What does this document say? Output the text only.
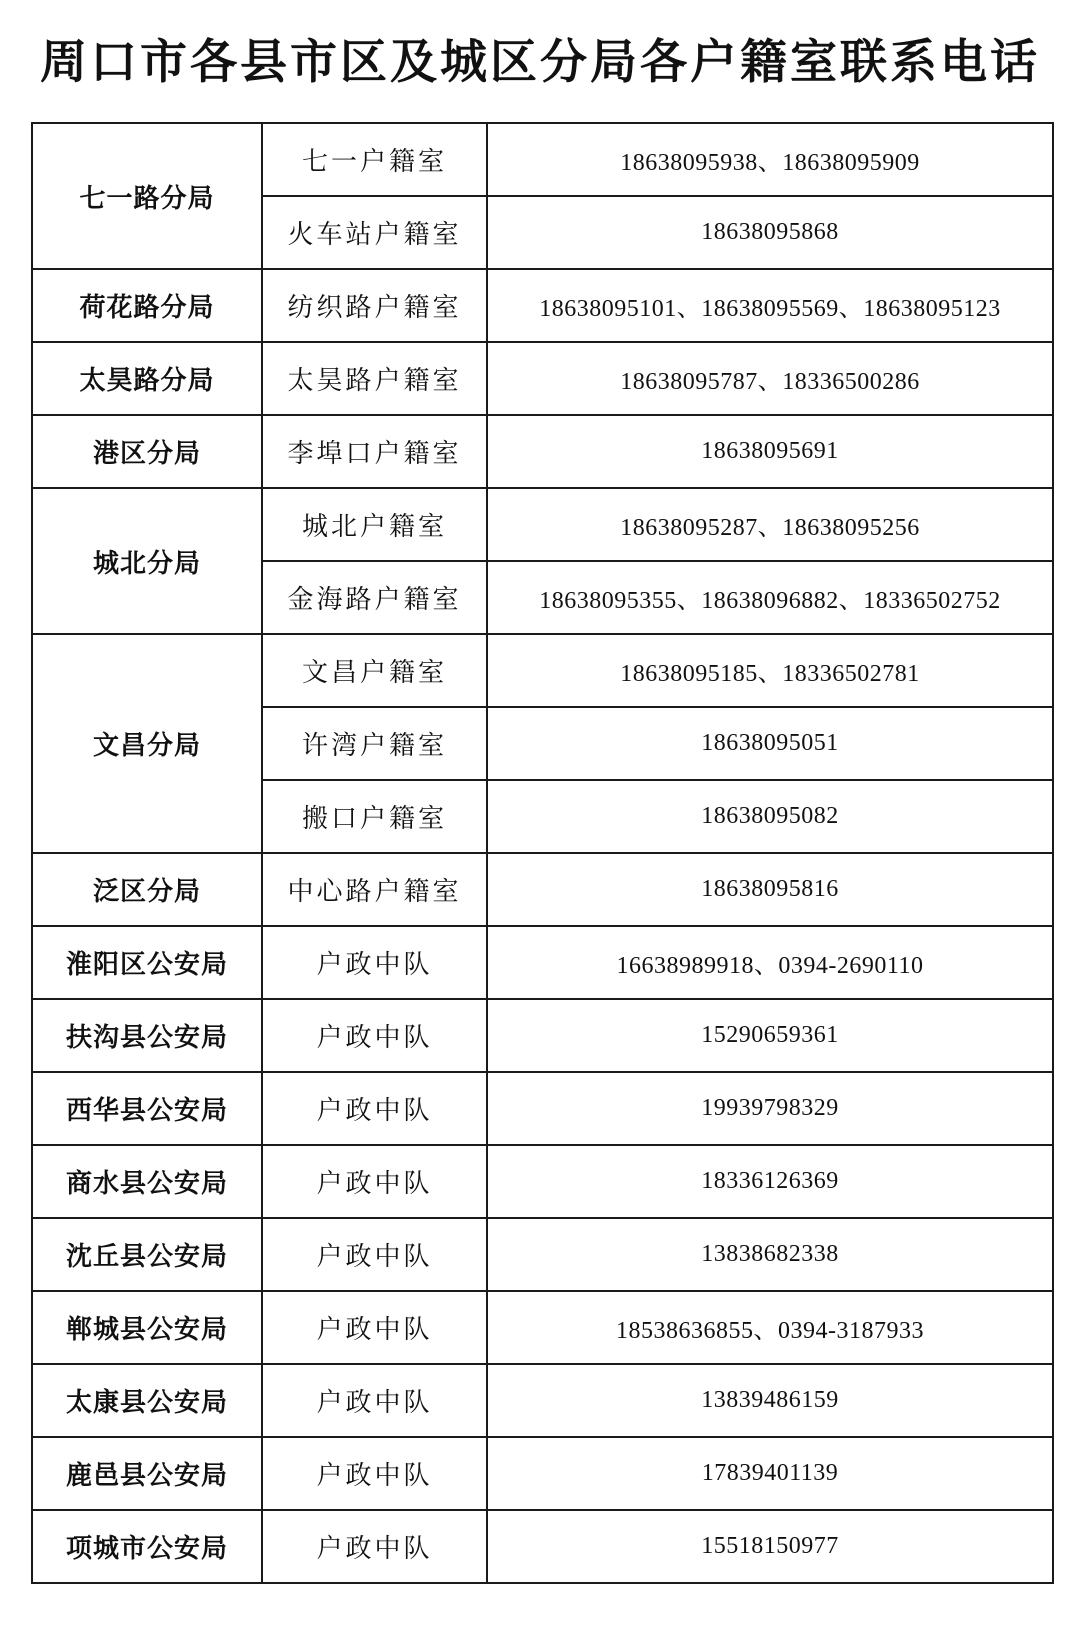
周口市各县市区及城区分局各户籍室联系电话
七一路分局	七一户籍室	18638095938、18638095909
	火车站户籍室	18638095868
荷花路分局	纺织路户籍室	18638095101、18638095569、18638095123
太昊路分局	太昊路户籍室	18638095787、18336500286
港区分局	李埠口户籍室	18638095691
城北分局	城北户籍室	18638095287、18638095256
	金海路户籍室	18638095355、18638096882、18336502752
文昌分局	文昌户籍室	18638095185、18336502781
	许湾户籍室	18638095051
	搬口户籍室	18638095082
泛区分局	中心路户籍室	18638095816
淮阳区公安局	户政中队	16638989918、0394-2690110
扶沟县公安局	户政中队	15290659361
西华县公安局	户政中队	19939798329
商水县公安局	户政中队	18336126369
沈丘县公安局	户政中队	13838682338
郸城县公安局	户政中队	18538636855、0394-3187933
太康县公安局	户政中队	13839486159
鹿邑县公安局	户政中队	17839401139
项城市公安局	户政中队	15518150977
